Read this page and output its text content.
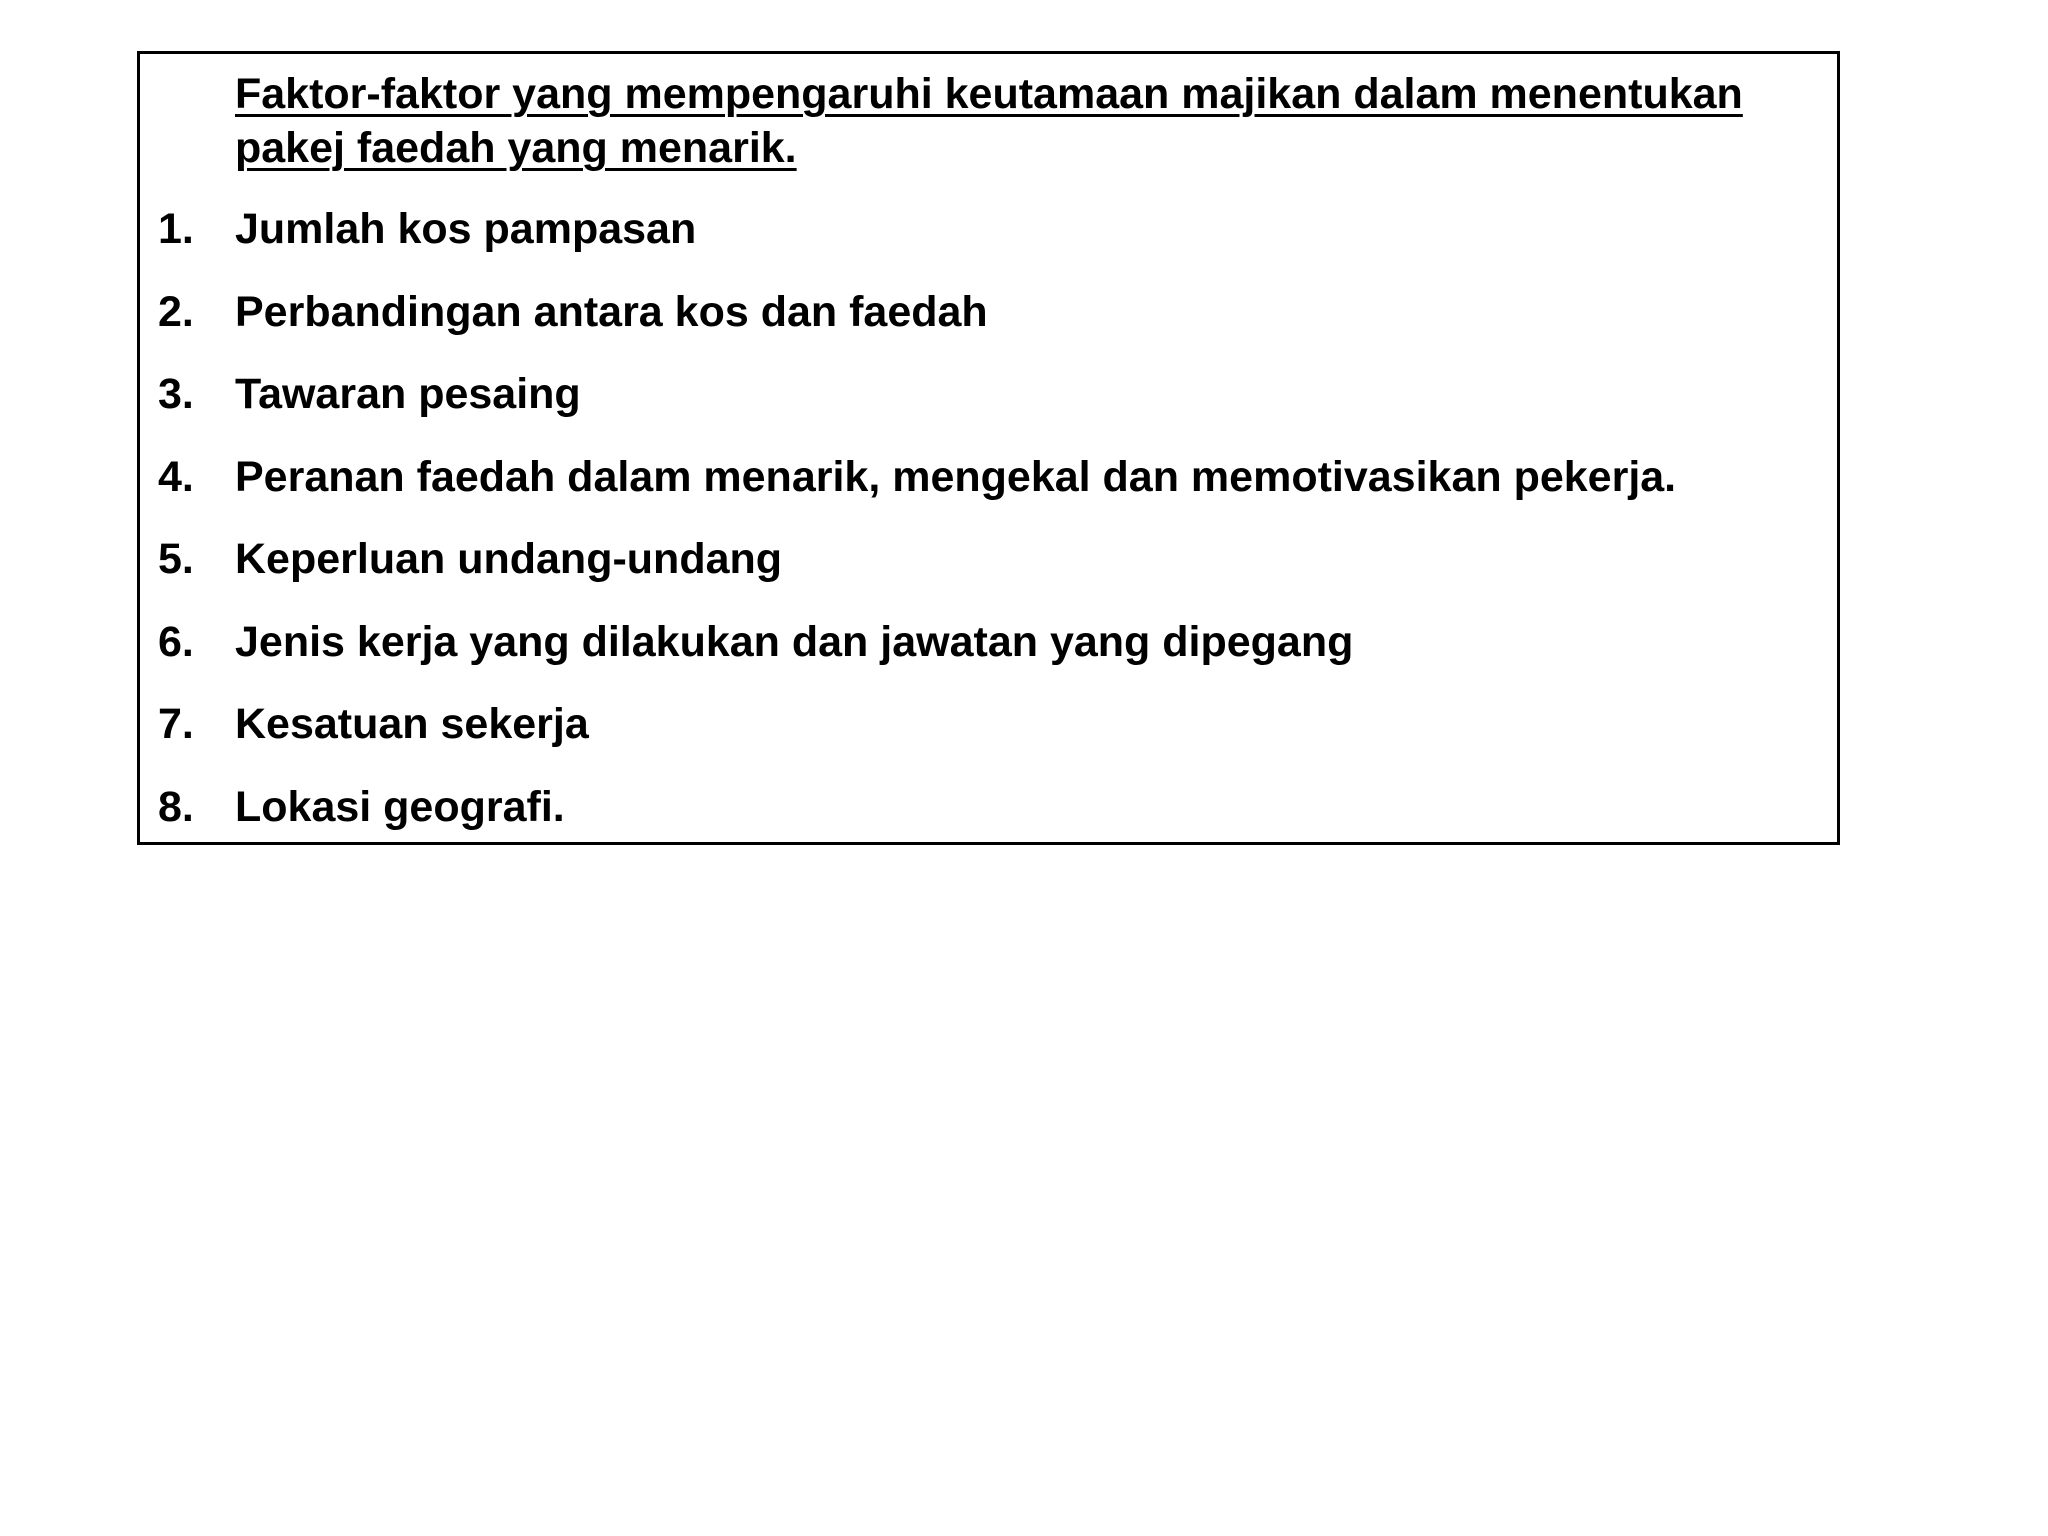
Faktor-faktor yang mempengaruhi keutamaan majikan dalam menentukan pakej faedah yang menarik.
1. Jumlah kos pampasan
2. Perbandingan antara kos dan faedah
3. Tawaran pesaing
4. Peranan faedah dalam menarik, mengekal dan memotivasikan pekerja.
5. Keperluan undang-undang
6. Jenis kerja yang dilakukan dan jawatan yang dipegang
7. Kesatuan sekerja
8. Lokasi geografi.
